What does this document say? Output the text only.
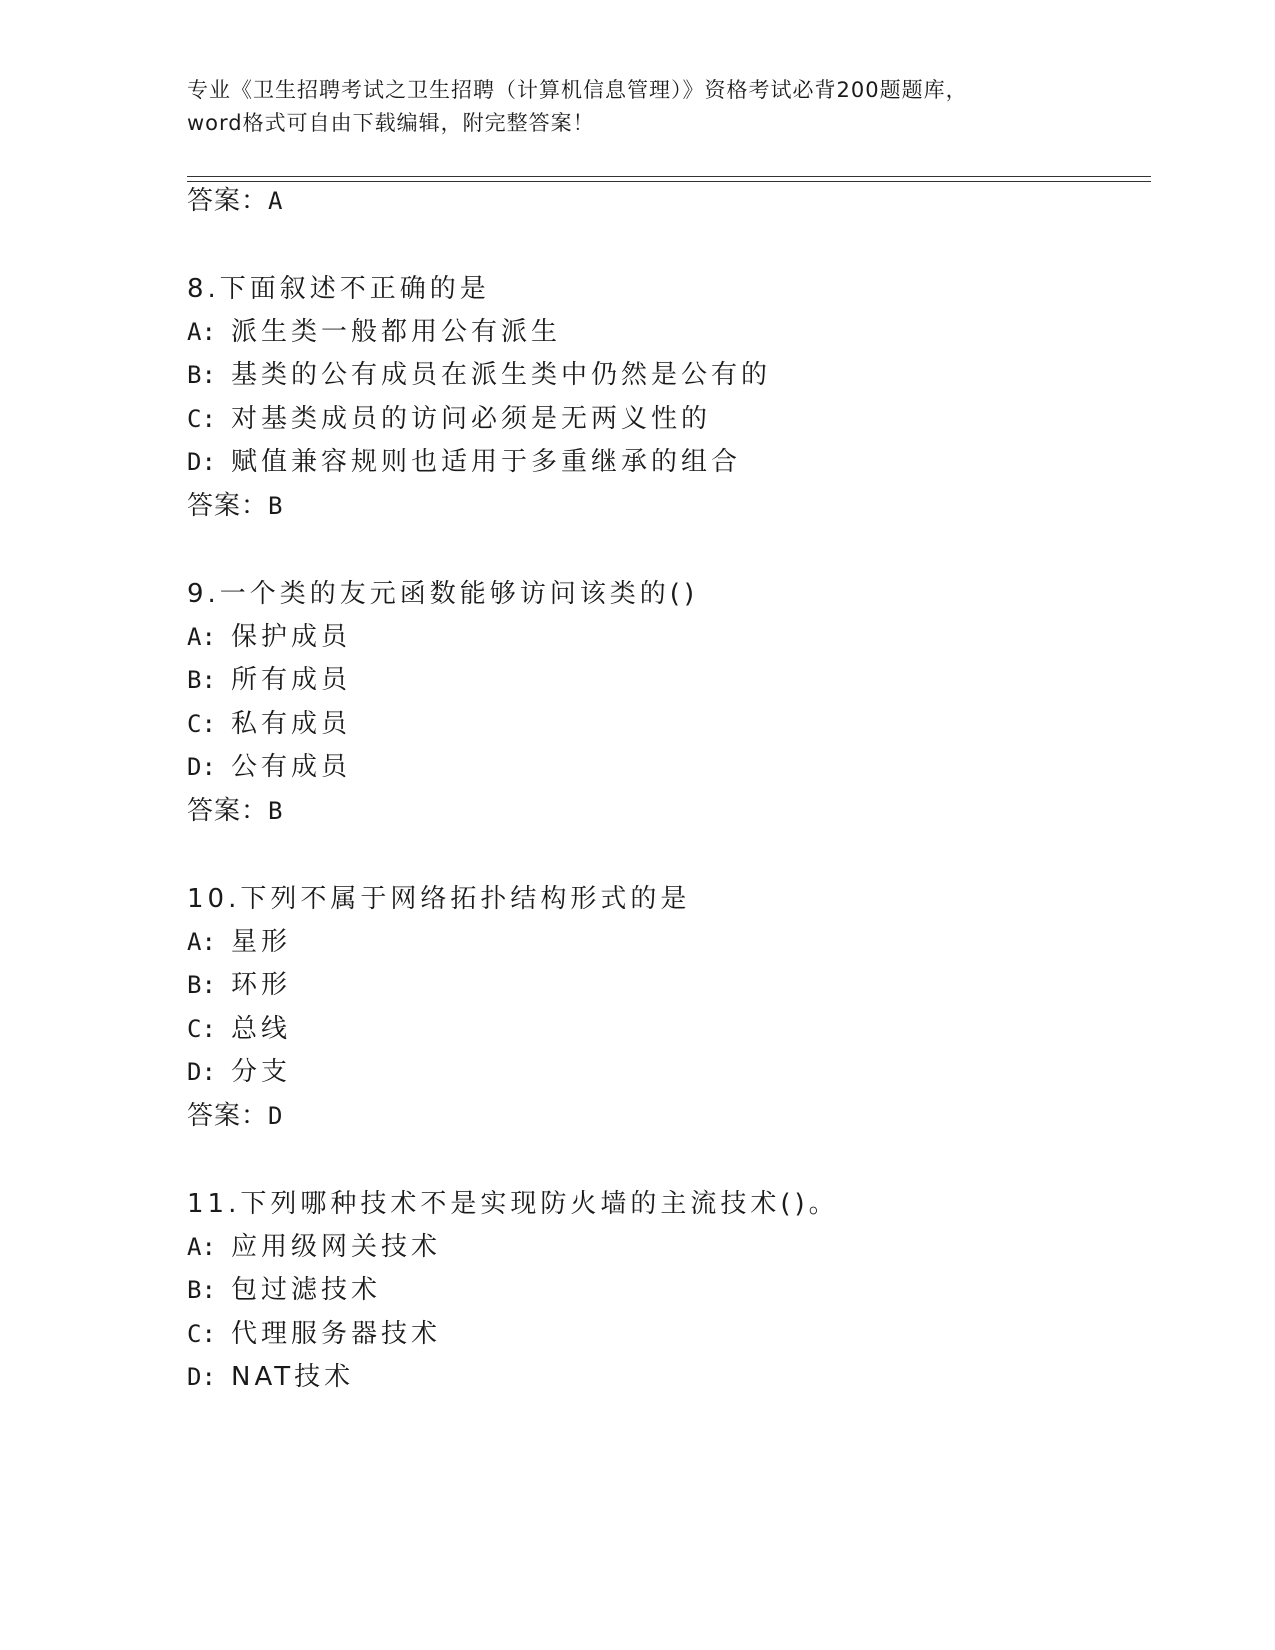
专业《卫生招聘考试之卫生招聘（计算机信息管理）》资格考试必背200题题库，
word格式可自由下载编辑，附完整答案！
答案：A
8.下面叙述不正确的是
A: 派生类一般都用公有派生
B: 基类的公有成员在派生类中仍然是公有的
C: 对基类成员的访问必须是无两义性的
D: 赋值兼容规则也适用于多重继承的组合
答案：B
9.一个类的友元函数能够访问该类的()
A: 保护成员
B: 所有成员
C: 私有成员
D: 公有成员
答案：B
10.下列不属于网络拓扑结构形式的是
A: 星形
B: 环形
C: 总线
D: 分支
答案：D
11.下列哪种技术不是实现防火墙的主流技术()。
A: 应用级网关技术
B: 包过滤技术
C: 代理服务器技术
D: NAT技术
